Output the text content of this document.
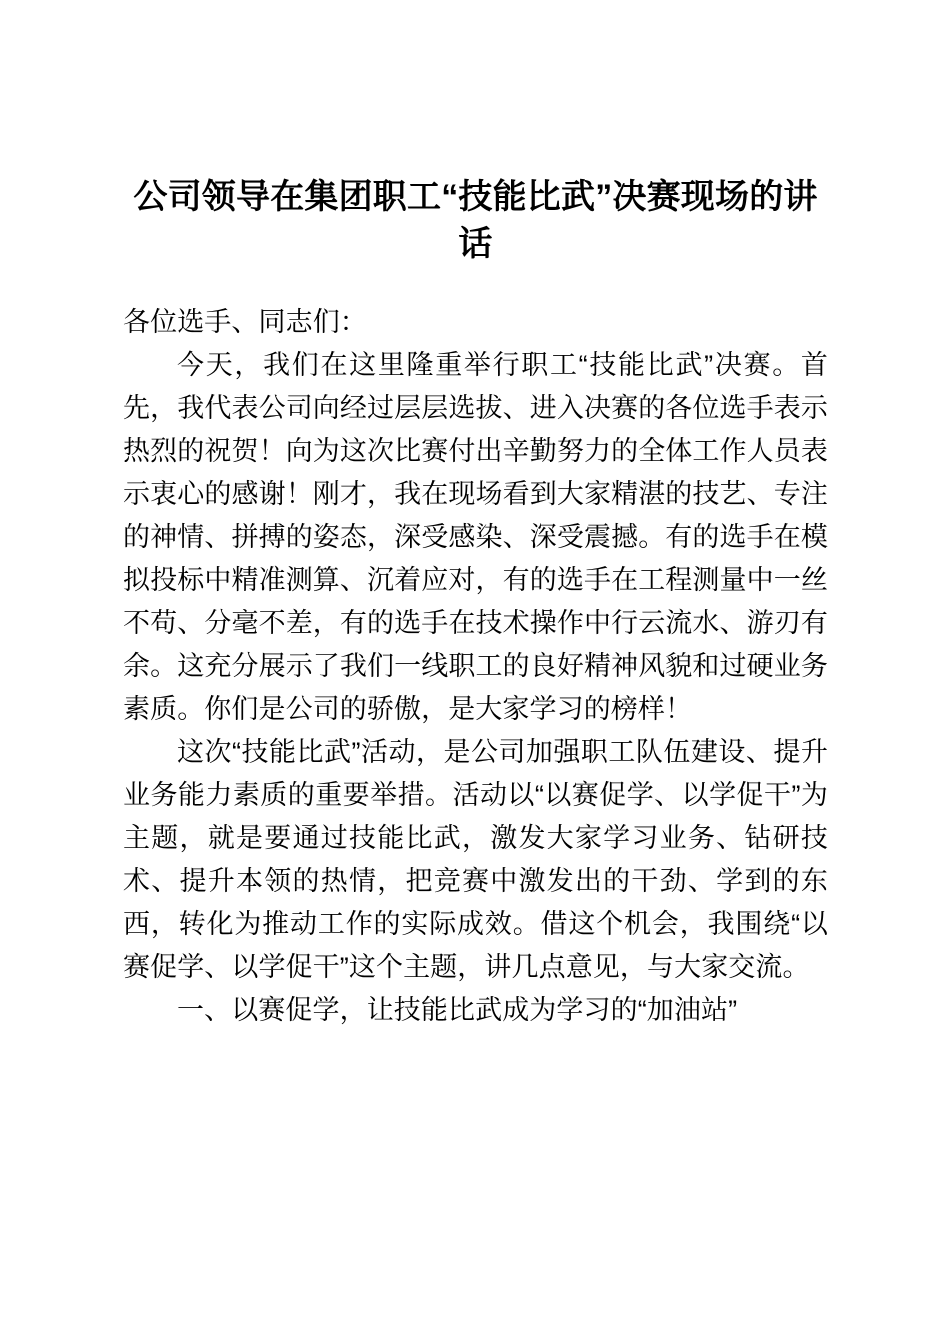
公司领导在集团职工“技能比武”决赛现场的讲话

各位选手、同志们：

今天，我们在这里隆重举行职工“技能比武”决赛。首先，我代表公司向经过层层选拔、进入决赛的各位选手表示热烈的祝贺！向为这次比赛付出辛勤努力的全体工作人员表示衷心的感谢！刚才，我在现场看到大家精湛的技艺、专注的神情、拼搏的姿态，深受感染、深受震撼。有的选手在模拟投标中精准测算、沉着应对，有的选手在工程测量中一丝不苟、分毫不差，有的选手在技术操作中行云流水、游刃有余。这充分展示了我们一线职工的良好精神风貌和过硬业务素质。你们是公司的骄傲，是大家学习的榜样！

这次“技能比武”活动，是公司加强职工队伍建设、提升业务能力素质的重要举措。活动以“以赛促学、以学促干”为主题，就是要通过技能比武，激发大家学习业务、钻研技术、提升本领的热情，把竞赛中激发出的干劲、学到的东西，转化为推动工作的实际成效。借这个机会，我围绕“以赛促学、以学促干”这个主题，讲几点意见，与大家交流。

一、以赛促学，让技能比武成为学习的“加油站”
